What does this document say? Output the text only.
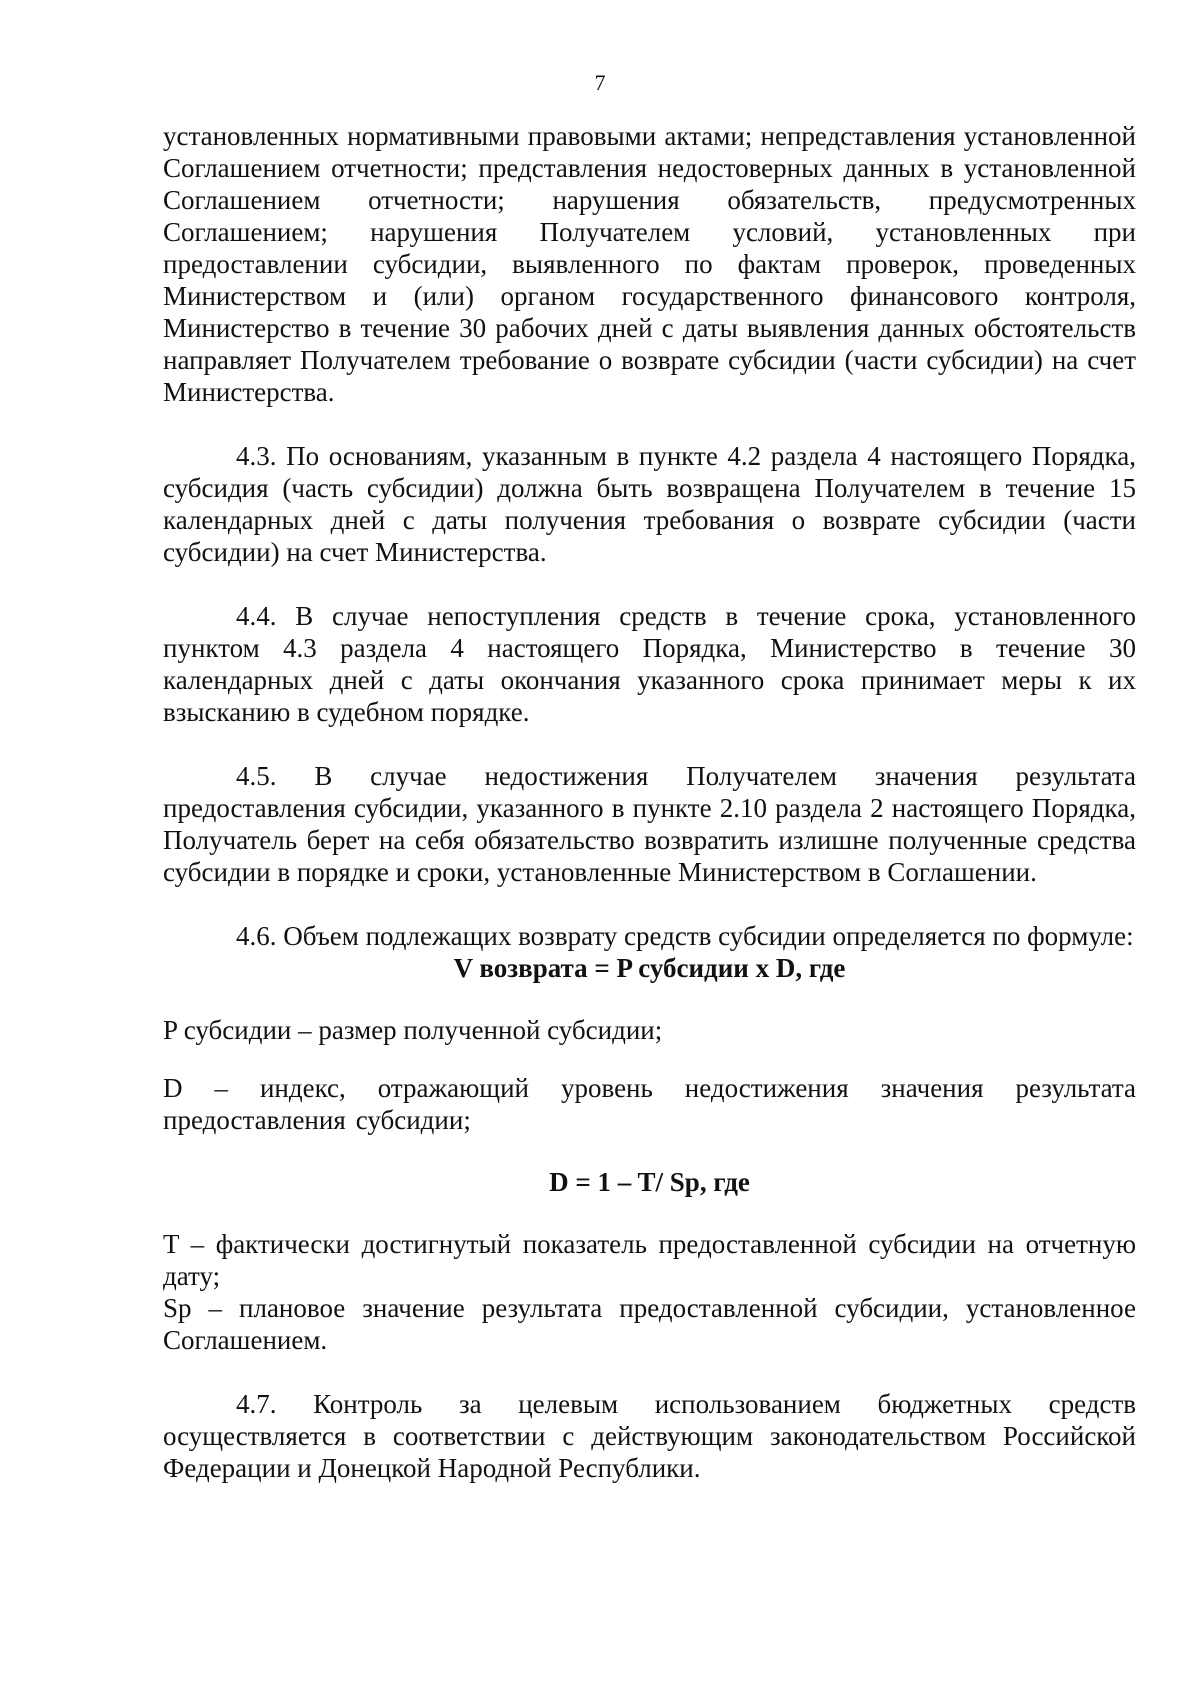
7

установленных нормативными правовыми актами; непредставления установленной Соглашением отчетности; представления недостоверных данных в установленной Соглашением отчетности; нарушения обязательств, предусмотренных Соглашением; нарушения Получателем условий, установленных при предоставлении субсидии, выявленного по фактам проверок, проведенных Министерством и (или) органом государственного финансового контроля, Министерство в течение 30 рабочих дней с даты выявления данных обстоятельств направляет Получателем требование о возврате субсидии (части субсидии) на счет Министерства.

4.3. По основаниям, указанным в пункте 4.2 раздела 4 настоящего Порядка, субсидия (часть субсидии) должна быть возвращена Получателем в течение 15 календарных дней с даты получения требования о возврате субсидии (части субсидии) на счет Министерства.

4.4. В случае непоступления средств в течение срока, установленного пунктом 4.3 раздела 4 настоящего Порядка, Министерство в течение 30 календарных дней с даты окончания указанного срока принимает меры к их взысканию в судебном порядке.

4.5. В случае недостижения Получателем значения результата предоставления субсидии, указанного в пункте 2.10 раздела 2 настоящего Порядка, Получатель берет на себя обязательство возвратить излишне полученные средства субсидии в порядке и сроки, установленные Министерством в Соглашении.

4.6. Объем подлежащих возврату средств субсидии определяется по формуле:

V возврата = P субсидии x D, где

P субсидии – размер полученной субсидии;

D – индекс, отражающий уровень недостижения значения результата предоставления субсидии;

D = 1 – T/ Sp, где

T – фактически достигнутый показатель предоставленной субсидии на отчетную дату;

Sp – плановое значение результата предоставленной субсидии, установленное Соглашением.

4.7. Контроль за целевым использованием бюджетных средств осуществляется в соответствии с действующим законодательством Российской Федерации и Донецкой Народной Республики.
